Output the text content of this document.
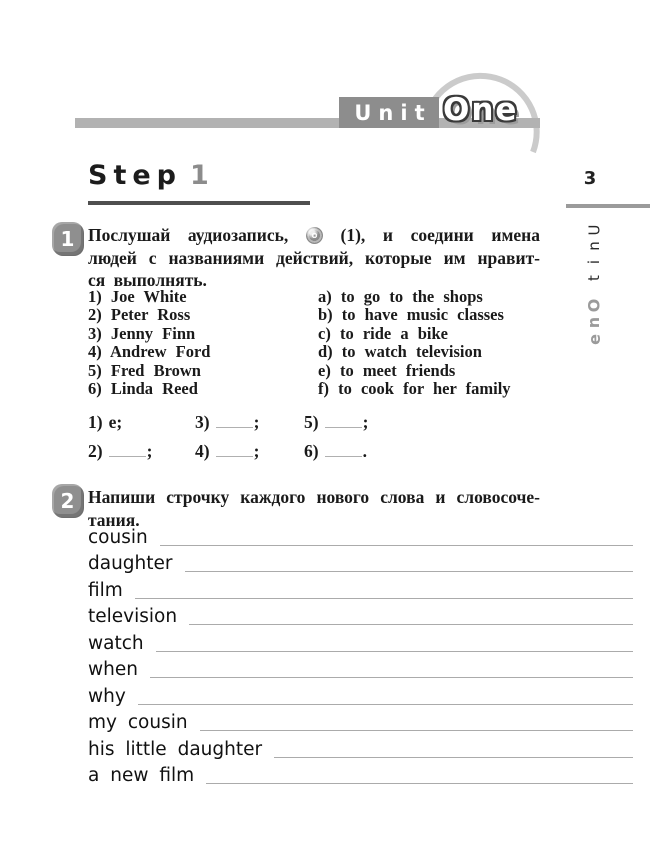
Unit One
Step 1	3
U
n
i
t
O
n
e
1 Послушай аудиозапись,	(1), и соедини имена
людей с названиями действий, которые им нравит-
ся выполнять.
1) Joe White
2) Peter Ross
3) Jenny Finn
4) Andrew Ford
5) Fred Brown
6) Linda Reed
a) to go to the shops
b) to have music classes
c) to ride a bike
d) to watch television
e) to meet friends
f) to cook for her family
1) e;	3)	;	5)	;
2)	;	4)	;	6)	.
2 Напиши строчку каждого нового слова и словосоче-
тания.
cousin
daughter
film
television
watch
when
why
my cousin
his little daughter
a new film
